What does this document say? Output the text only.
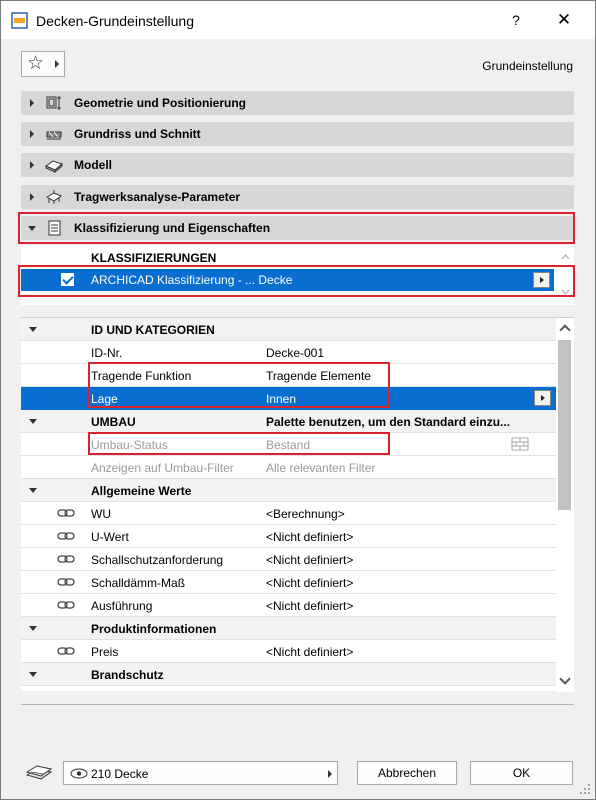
Decken-Grundeinstellung	?	✕
☆	Grundeinstellung
Geometrie und Positionierung
Grundriss und Schnitt
Modell
Tragwerksanalyse-Parameter
Klassifizierung und Eigenschaften
KLASSIFIZIERUNGEN
ARCHICAD Klassifizierung - ... Decke
ID UND KATEGORIEN
ID-Nr.	Decke-001
Tragende Funktion	Tragende Elemente
Lage	Innen
UMBAU	Palette benutzen, um den Standard einzu...
Umbau-Status	Bestand
Anzeigen auf Umbau-Filter	Alle relevanten Filter
Allgemeine Werte
WU	<Berechnung>
U-Wert	<Nicht definiert>
Schallschutzanforderung	<Nicht definiert>
Schalldämm-Maß	<Nicht definiert>
Ausführung	<Nicht definiert>
Produktinformationen
Preis	<Nicht definiert>
Brandschutz
210 Decke	Abbrechen	OK
